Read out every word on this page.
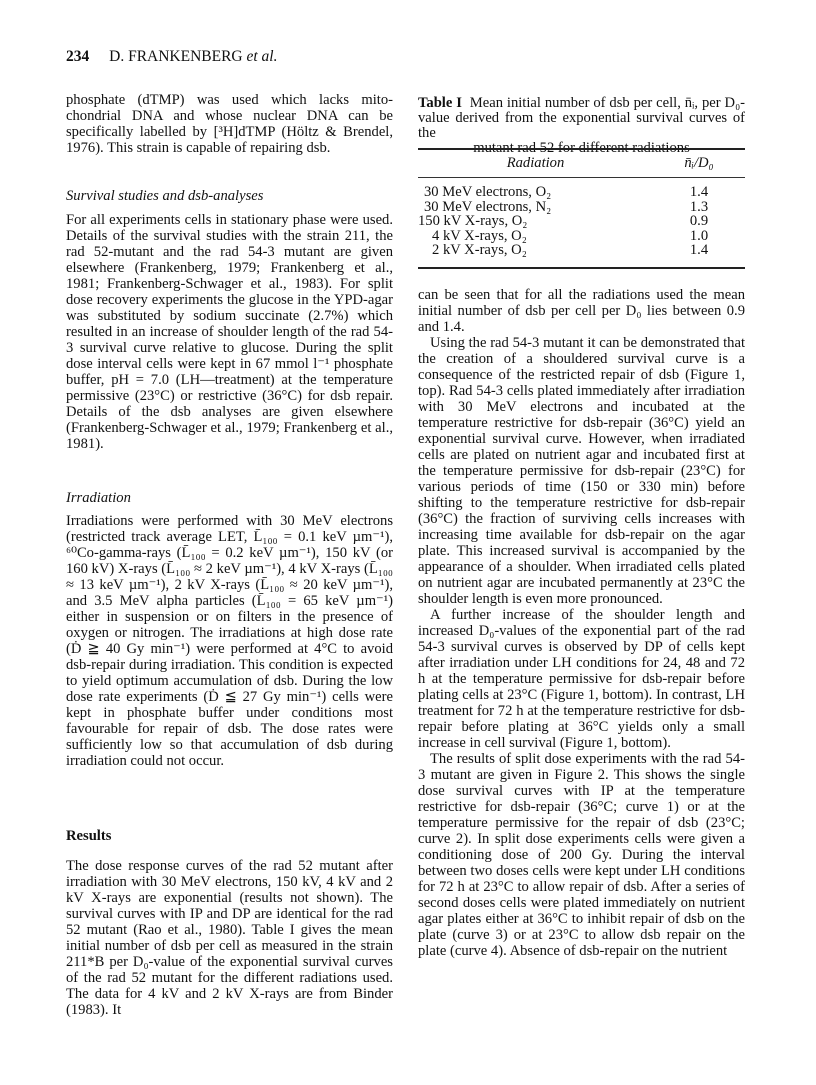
234 D. FRANKENBERG et al.

phosphate (dTMP) was used which lacks mito-chondrial DNA and whose nuclear DNA can be specifically labelled by [³H]dTMP (Höltz & Brendel, 1976). This strain is capable of repairing dsb.

Survival studies and dsb-analyses

For all experiments cells in stationary phase were used. Details of the survival studies with the strain 211, the rad 52-mutant and the rad 54-3 mutant are given elsewhere (Frankenberg, 1979; Frankenberg et al., 1981; Frankenberg-Schwager et al., 1983). For split dose recovery experiments the glucose in the YPD-agar was substituted by sodium succinate (2.7%) which resulted in an increase of shoulder length of the rad 54-3 survival curve relative to glucose. During the split dose interval cells were kept in 67 mmol l⁻¹ phosphate buffer, pH = 7.0 (LH—treatment) at the temperature permissive (23°C) or restrictive (36°C) for dsb repair. Details of the dsb analyses are given elsewhere (Frankenberg-Schwager et al., 1979; Frankenberg et al., 1981).

Irradiation

Irradiations were performed with 30 MeV electrons (restricted track average LET, L̄₁₀₀ = 0.1 keV µm⁻¹), ⁶⁰Co-gamma-rays (L̄₁₀₀ = 0.2 keV µm⁻¹), 150 kV (or 160 kV) X-rays (L̄₁₀₀ ≈ 2 keV µm⁻¹), 4 kV X-rays (L̄₁₀₀ ≈ 13 keV µm⁻¹), 2 kV X-rays (L̄₁₀₀ ≈ 20 keV µm⁻¹), and 3.5 MeV alpha particles (L̄₁₀₀ = 65 keV µm⁻¹) either in suspension or on filters in the presence of oxygen or nitrogen. The irradiations at high dose rate (Ḋ ≧ 40 Gy min⁻¹) were performed at 4°C to avoid dsb-repair during irradiation. This condition is expected to yield optimum accumulation of dsb. During the low dose rate experiments (Ḋ ≦ 27 Gy min⁻¹) cells were kept in phosphate buffer under conditions most favourable for repair of dsb. The dose rates were sufficiently low so that accumulation of dsb during irradiation could not occur.

Results

The dose response curves of the rad 52 mutant after irradiation with 30 MeV electrons, 150 kV, 4 kV and 2 kV X-rays are exponential (results not shown). The survival curves with IP and DP are identical for the rad 52 mutant (Rao et al., 1980). Table I gives the mean initial number of dsb per cell as measured in the strain 211*B per D₀-value of the exponential survival curves of the rad 52 mutant for the different radiations used. The data for 4 kV and 2 kV X-rays are from Binder (1983). It

Table I Mean initial number of dsb per cell, n̄ᵢ, per D₀-value derived from the exponential survival curves of the
mutant rad 52 for different radiations
Radiation	n̄ᵢ/D₀
30 MeV electrons, O₂	1.4
30 MeV electrons, N₂	1.3
150 kV X-rays, O₂	0.9
4 kV X-rays, O₂	1.0
2 kV X-rays, O₂	1.4

can be seen that for all the radiations used the mean initial number of dsb per cell per D₀ lies between 0.9 and 1.4.

Using the rad 54-3 mutant it can be demonstrated that the creation of a shouldered survival curve is a consequence of the restricted repair of dsb (Figure 1, top). Rad 54-3 cells plated immediately after irradiation with 30 MeV electrons and incubated at the temperature restrictive for dsb-repair (36°C) yield an exponential survival curve. However, when irradiated cells are plated on nutrient agar and incubated first at the temperature permissive for dsb-repair (23°C) for various periods of time (150 or 330 min) before shifting to the temperature restrictive for dsb-repair (36°C) the fraction of surviving cells increases with increasing time available for dsb-repair on the agar plate. This increased survival is accompanied by the appearance of a shoulder. When irradiated cells plated on nutrient agar are incubated permanently at 23°C the shoulder length is even more pronounced.

A further increase of the shoulder length and increased D₀-values of the exponential part of the rad 54-3 survival curves is observed by DP of cells kept after irradiation under LH conditions for 24, 48 and 72 h at the temperature permissive for dsb-repair before plating cells at 23°C (Figure 1, bottom). In contrast, LH treatment for 72 h at the temperature restrictive for dsb-repair before plating at 36°C yields only a small increase in cell survival (Figure 1, bottom).

The results of split dose experiments with the rad 54-3 mutant are given in Figure 2. This shows the single dose survival curves with IP at the temperature restrictive for dsb-repair (36°C; curve 1) or at the temperature permissive for the repair of dsb (23°C; curve 2). In split dose experiments cells were given a conditioning dose of 200 Gy. During the interval between two doses cells were kept under LH conditions for 72 h at 23°C to allow repair of dsb. After a series of second doses cells were plated immediately on nutrient agar plates either at 36°C to inhibit repair of dsb on the plate (curve 3) or at 23°C to allow dsb repair on the plate (curve 4). Absence of dsb-repair on the nutrient
